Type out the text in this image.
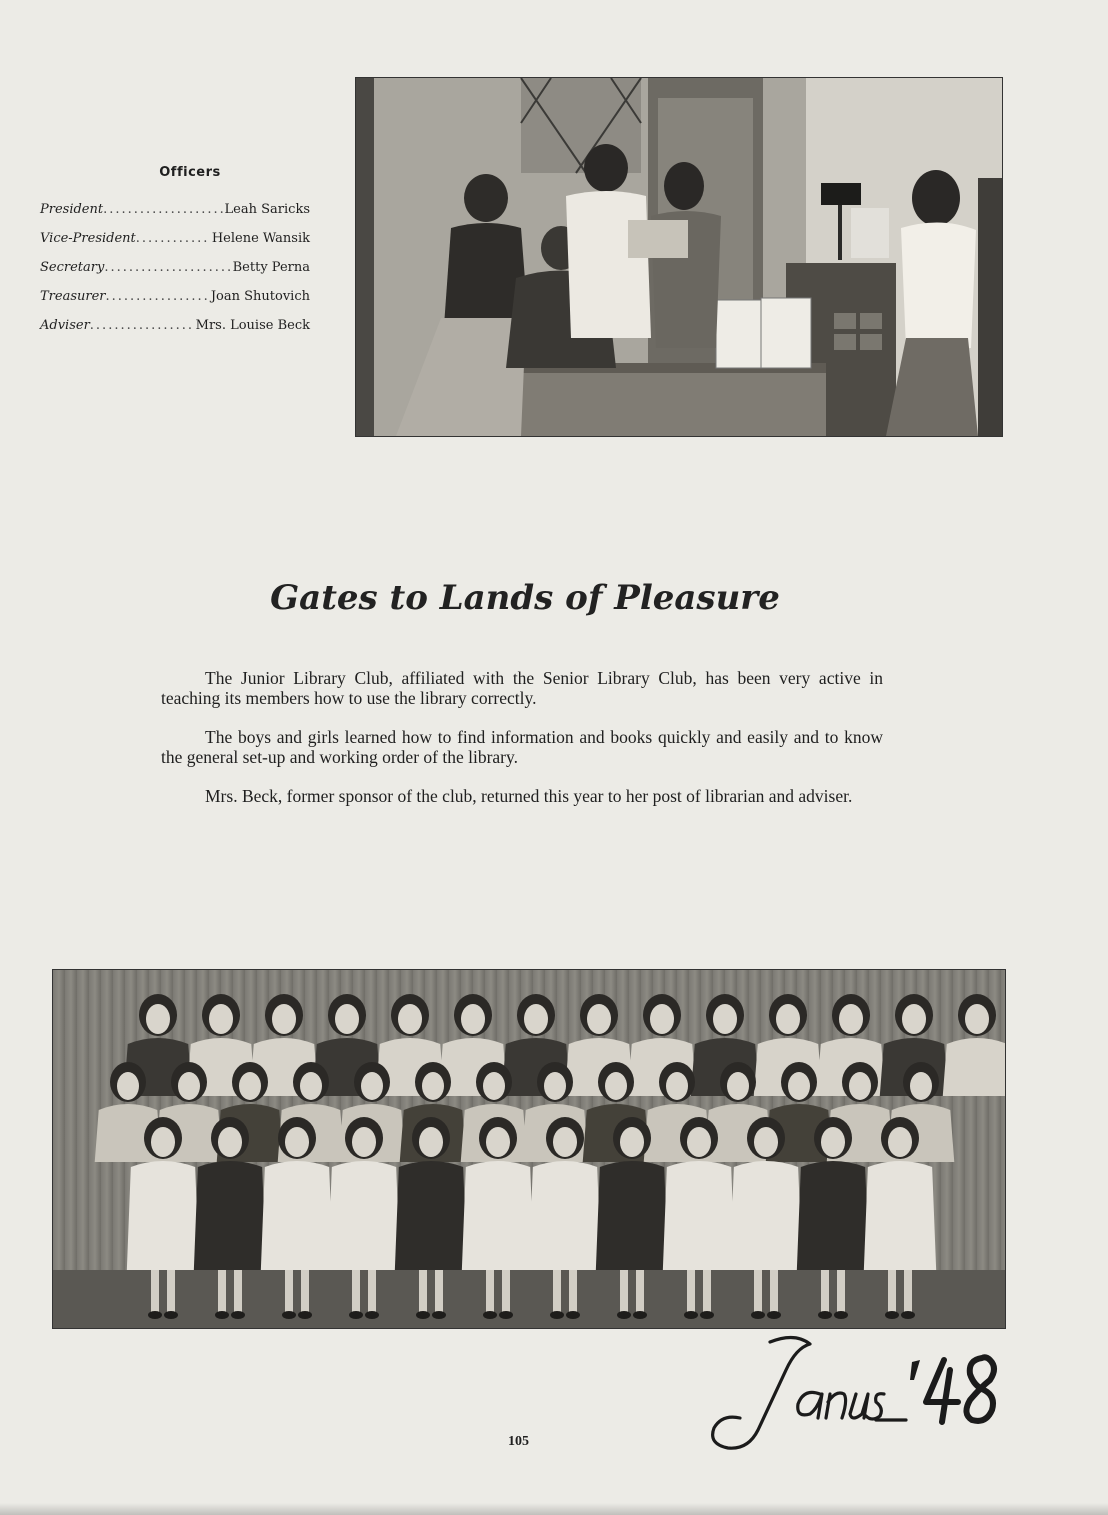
Officers
President .....	Leah Saricks
Vice-President .....	Helene Wansik
Secretary .....	Betty Perna
Treasurer .....	Joan Shutovich
Adviser .....	Mrs. Louise Beck
Gates to Lands of Pleasure

The Junior Library Club, affiliated with the Senior Library Club, has been very active in teaching its members how to use the library correctly.

The boys and girls learned how to find information and books quickly and easily and to know the general set-up and working order of the library.

Mrs. Beck, former sponsor of the club, returned this year to her post of librarian and adviser.

105
